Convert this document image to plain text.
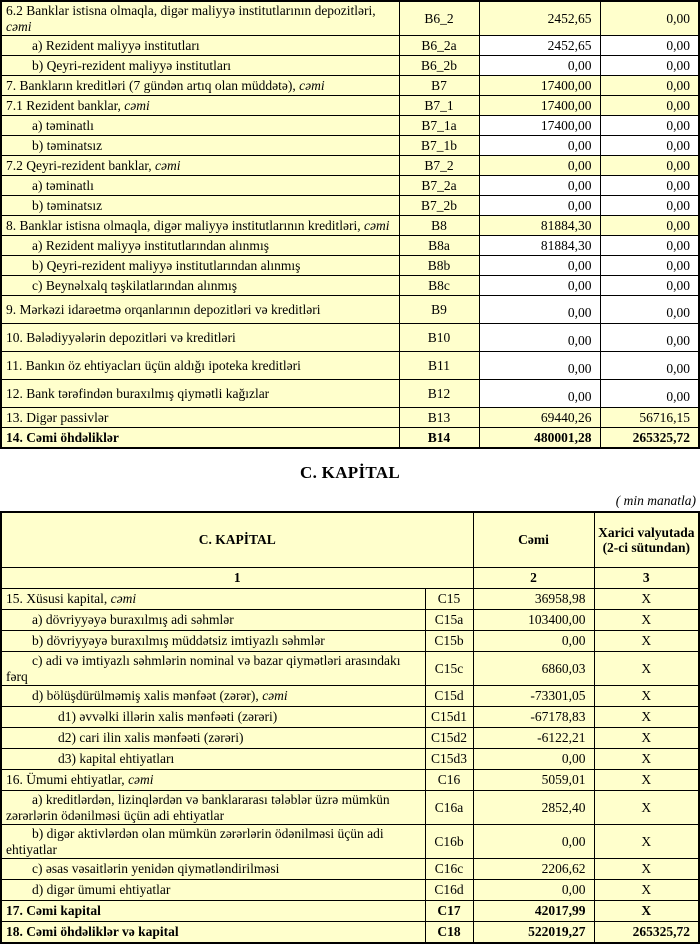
6.2 Banklar istisna olmaqla, digər maliyyə institutlarının depozitləri, cəmi	B6_2	2452,65	0,00
a) Rezident maliyyə institutları	B6_2a	2452,65	0,00
b) Qeyri-rezident maliyyə institutları	B6_2b	0,00	0,00
7. Bankların kreditləri (7 gündən artıq olan müddətə), cəmi	B7	17400,00	0,00
7.1 Rezident banklar, cəmi	B7_1	17400,00	0,00
a) təminatlı	B7_1a	17400,00	0,00
b) təminatsız	B7_1b	0,00	0,00
7.2 Qeyri-rezident banklar, cəmi	B7_2	0,00	0,00
a) təminatlı	B7_2a	0,00	0,00
b) təminatsız	B7_2b	0,00	0,00
8. Banklar istisna olmaqla, digər maliyyə institutlarının kreditləri, cəmi	B8	81884,30	0,00
a) Rezident maliyyə institutlarından alınmış	B8a	81884,30	0,00
b) Qeyri-rezident maliyyə institutlarından alınmış	B8b	0,00	0,00
c) Beynəlxalq təşkilatlarından alınmış	B8c	0,00	0,00
9. Mərkəzi idarəetmə orqanlarının depozitləri və kreditləri	B9	0,00	0,00
10. Bələdiyyələrin depozitləri və kreditləri	B10	0,00	0,00
11. Bankın öz ehtiyacları üçün aldığı ipoteka kreditləri	B11	0,00	0,00
12. Bank tərəfindən buraxılmış qiymətli kağızlar	B12	0,00	0,00
13. Digər passivlər	B13	69440,26	56716,15
14. Cəmi öhdəliklər	B14	480001,28	265325,72
C. KAPİTAL
( min manatla)
C. KAPİTAL		Cəmi	Xarici valyutada (2-ci sütundan)
1		2	3
15. Xüsusi kapital, cəmi	C15	36958,98	X
a) dövriyyəyə buraxılmış adi səhmlər	C15a	103400,00	X
b) dövriyyəyə buraxılmış müddətsiz imtiyazlı səhmlər	C15b	0,00	X
c) adi və imtiyazlı səhmlərin nominal və bazar qiymətləri arasındakı fərq	C15c	6860,03	X
d) bölüşdürülməmiş xalis mənfəət (zərər), cəmi	C15d	-73301,05	X
d1) əvvəlki illərin xalis mənfəəti (zərəri)	C15d1	-67178,83	X
d2) cari ilin xalis mənfəəti (zərəri)	C15d2	-6122,21	X
d3) kapital ehtiyatları	C15d3	0,00	X
16. Ümumi ehtiyatlar, cəmi	C16	5059,01	X
a) kreditlərdən, lizinqlərdən və banklararası tələblər üzrə mümkün zərərlərin ödənilməsi üçün adi ehtiyatlar	C16a	2852,40	X
b) digər aktivlərdən olan mümkün zərərlərin ödənilməsi üçün adi ehtiyatlar	C16b	0,00	X
c) əsas vəsaitlərin yenidən qiymətləndirilməsi	C16c	2206,62	X
d) digər ümumi ehtiyatlar	C16d	0,00	X
17. Cəmi kapital	C17	42017,99	X
18. Cəmi öhdəliklər və kapital	C18	522019,27	265325,72
